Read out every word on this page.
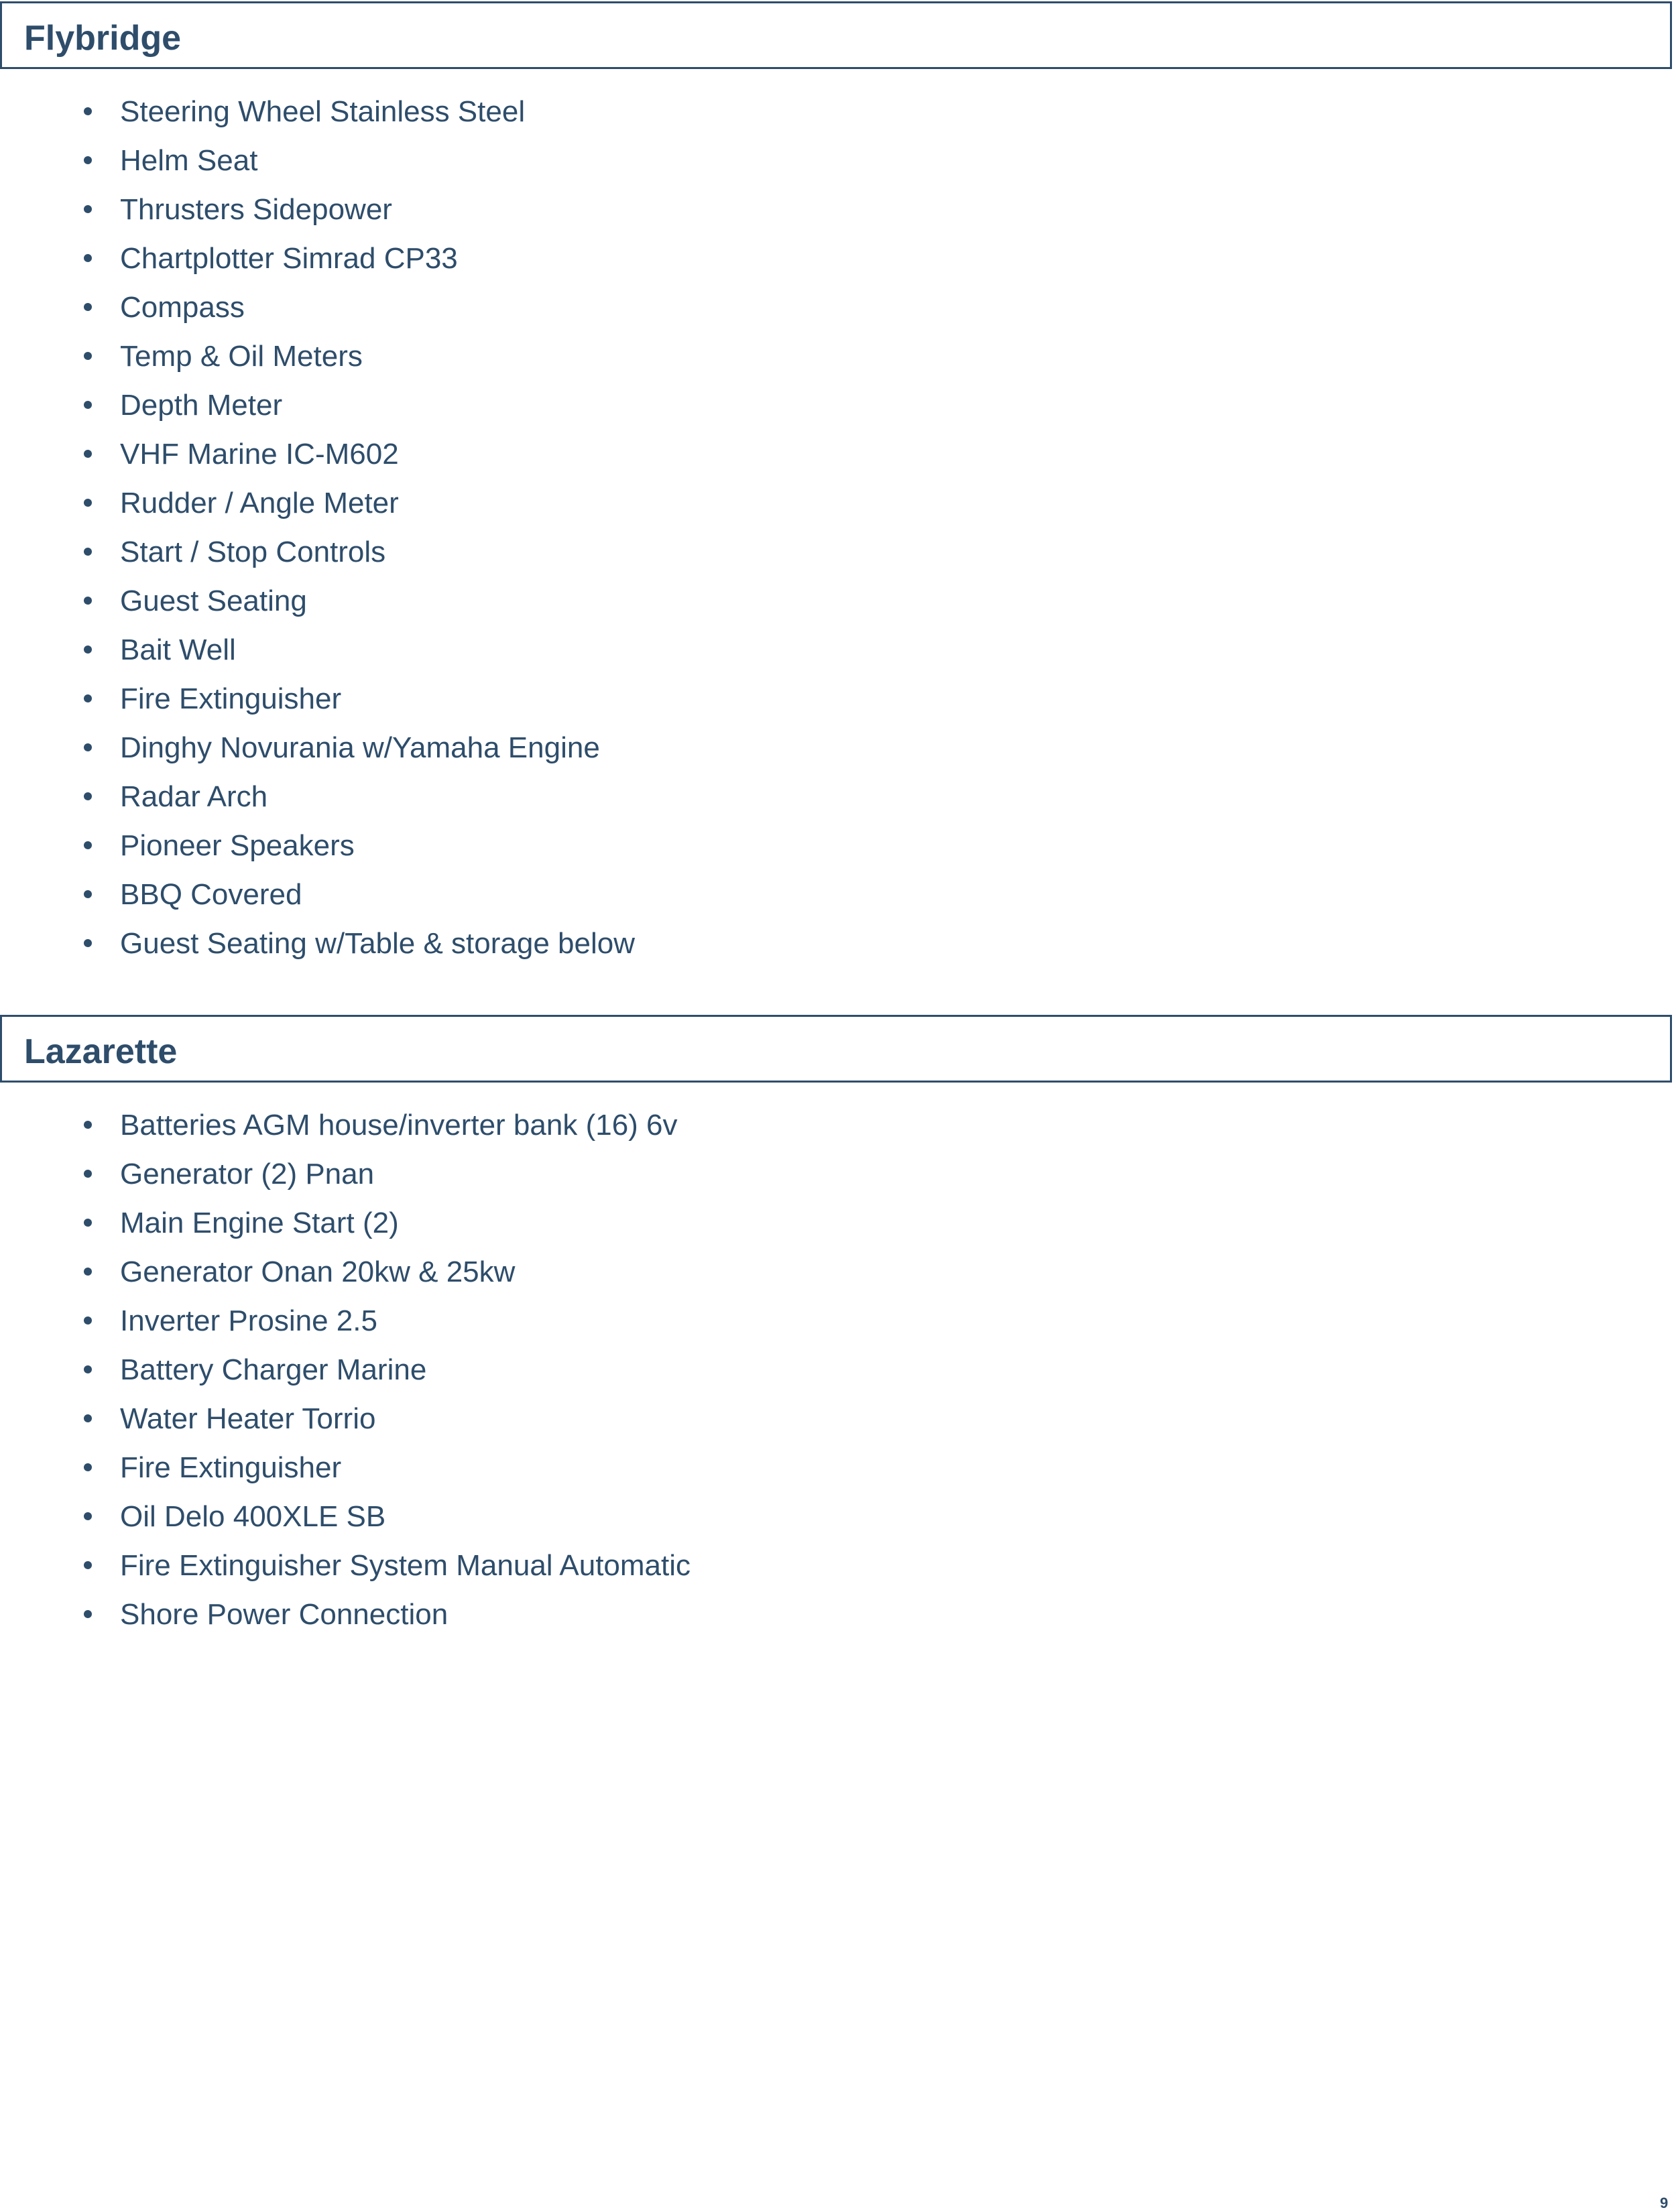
Flybridge
Steering Wheel Stainless Steel
Helm Seat
Thrusters Sidepower
Chartplotter Simrad CP33
Compass
Temp & Oil Meters
Depth Meter
VHF Marine IC-M602
Rudder / Angle Meter
Start / Stop Controls
Guest Seating
Bait Well
Fire Extinguisher
Dinghy Novurania w/Yamaha Engine
Radar Arch
Pioneer Speakers
BBQ Covered
Guest Seating w/Table & storage below
Lazarette
Batteries AGM house/inverter bank (16) 6v
Generator (2) Pnan
Main Engine Start (2)
Generator Onan 20kw & 25kw
Inverter Prosine 2.5
Battery Charger Marine
Water Heater Torrio
Fire Extinguisher
Oil Delo 400XLE SB
Fire Extinguisher System Manual Automatic
Shore Power Connection
9
